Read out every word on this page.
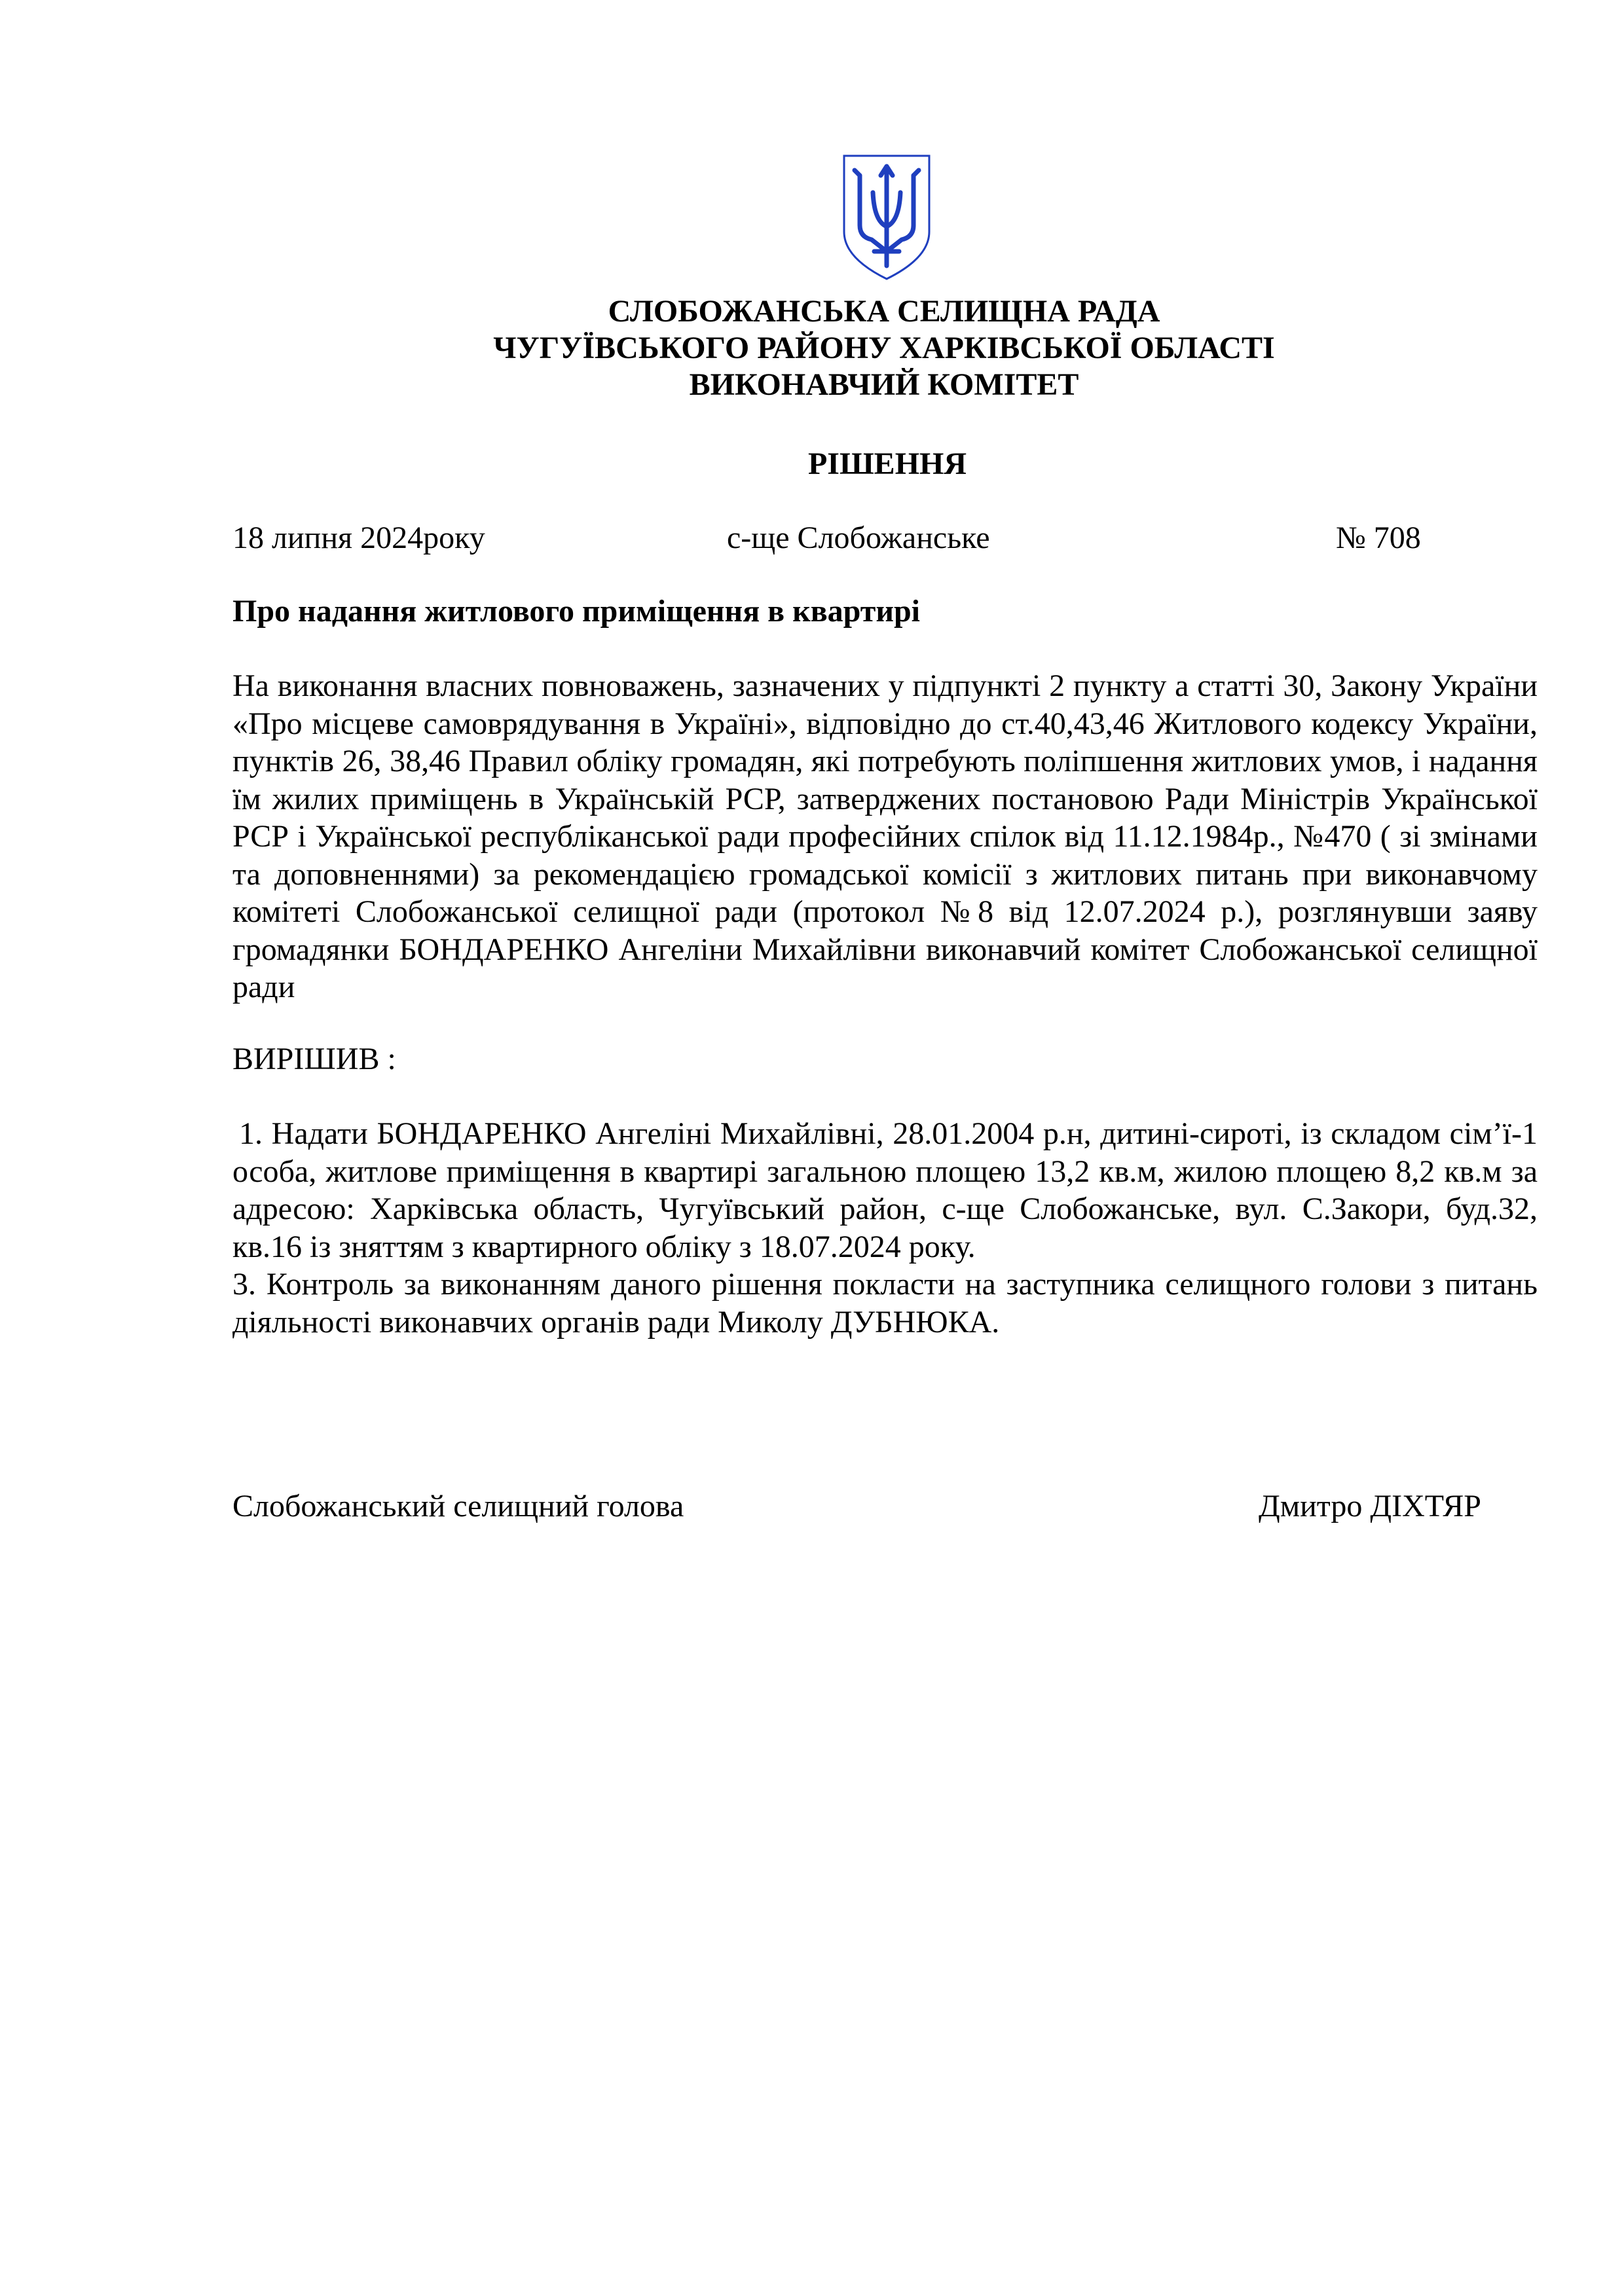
СЛОБОЖАНСЬКА СЕЛИЩНА РАДА
ЧУГУЇВСЬКОГО РАЙОНУ ХАРКІВСЬКОЇ ОБЛАСТІ
ВИКОНАВЧИЙ КОМІТЕТ
РІШЕННЯ
18 липня 2024року	с-ще Слобожанське	№ 708
Про надання житлового приміщення в квартирі
На виконання власних повноважень, зазначених у підпункті 2 пункту а статті 30, Закону України «Про місцеве самоврядування в Україні», відповідно до ст.40,43,46 Житлового кодексу України, пунктів 26, 38,46 Правил обліку громадян, які потребують поліпшення житлових умов, і надання їм жилих приміщень в Українській РСР, затверджених постановою Ради Міністрів Української РСР і Української республіканської ради професійних спілок від 11.12.1984р., №470 ( зі змінами та доповненнями) за рекомендацією громадської комісії з житлових питань при виконавчому комітеті Слобожанської селищної ради (протокол №8 від 12.07.2024 р.), розглянувши заяву громадянки БОНДАРЕНКО Ангеліни Михайлівни виконавчий комітет Слобожанської селищної ради
ВИРІШИВ :

1. Надати БОНДАРЕНКО Ангеліні Михайлівні, 28.01.2004 р.н, дитині-сироті, із складом сім’ї-1 особа, житлове приміщення в квартирі загальною площею 13,2 кв.м, жилою площею 8,2 кв.м за адресою: Харківська область, Чугуївський район, с-ще Слобожанське, вул. С.Закори, буд.32, кв.16 із зняттям з квартирного обліку з 18.07.2024 року.

3. Контроль за виконанням даного рішення покласти на заступника селищного голови з питань діяльності виконавчих органів ради Миколу ДУБНЮКА.

Слобожанський селищний голова	Дмитро ДІХТЯР
